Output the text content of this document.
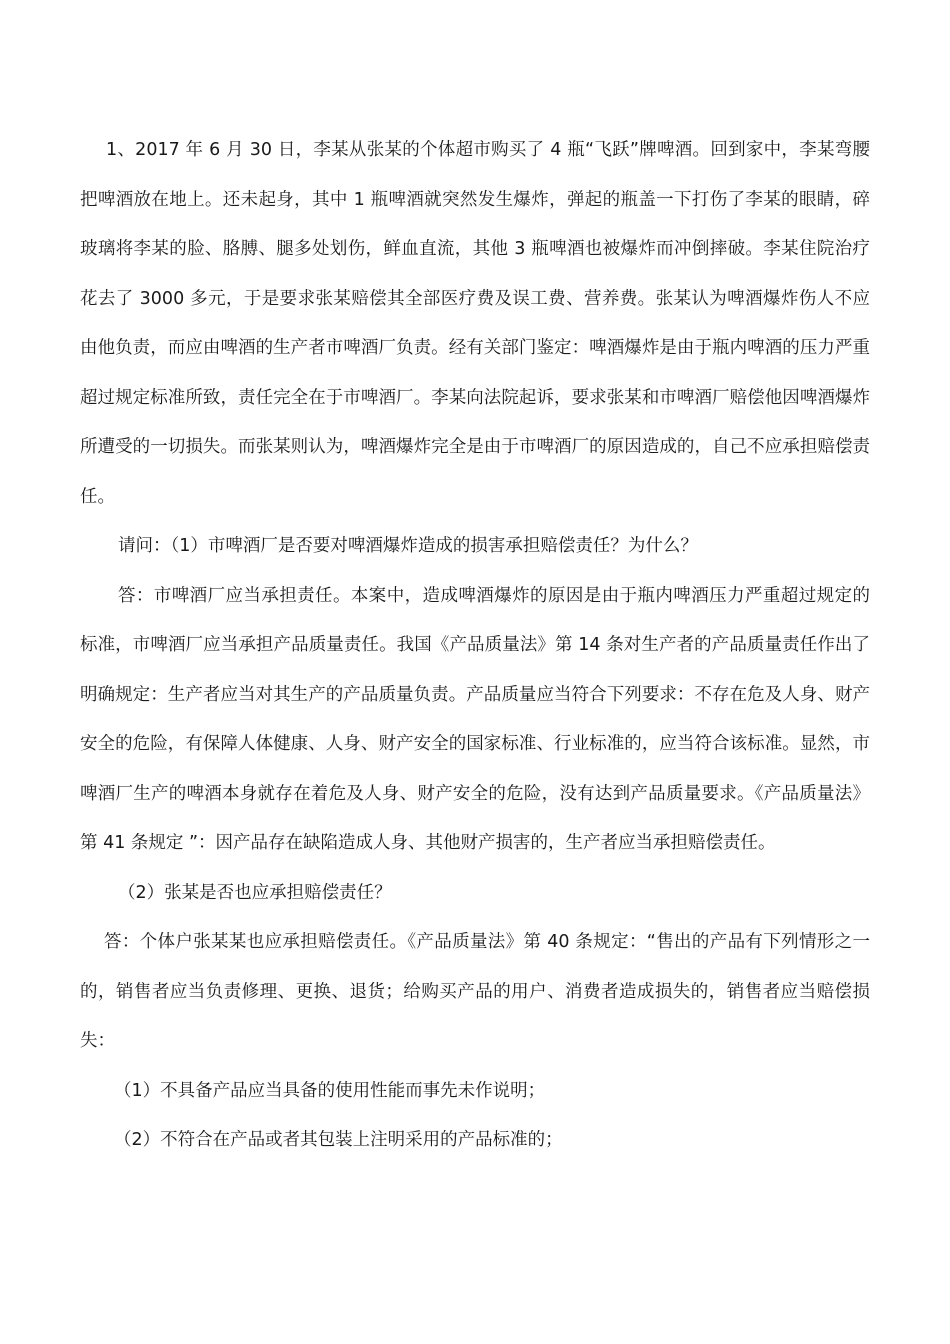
1、2017 年 6 月 30 日，李某从张某的个体超市购买了 4 瓶“飞跃”牌啤酒。回到家中，李某弯腰把啤酒放在地上。还未起身，其中 1 瓶啤酒就突然发生爆炸，弹起的瓶盖一下打伤了李某的眼睛，碎玻璃将李某的脸、胳膊、腿多处划伤，鲜血直流，其他 3 瓶啤酒也被爆炸而冲倒摔破。李某住院治疗花去了 3000 多元，于是要求张某赔偿其全部医疗费及误工费、营养费。张某认为啤酒爆炸伤人不应由他负责，而应由啤酒的生产者市啤酒厂负责。经有关部门鉴定：啤酒爆炸是由于瓶内啤酒的压力严重超过规定标准所致，责任完全在于市啤酒厂。李某向法院起诉，要求张某和市啤酒厂赔偿他因啤酒爆炸所遭受的一切损失。而张某则认为，啤酒爆炸完全是由于市啤酒厂的原因造成的，自己不应承担赔偿责任。

请问：（1）市啤酒厂是否要对啤酒爆炸造成的损害承担赔偿责任？为什么？

答：市啤酒厂应当承担责任。本案中，造成啤酒爆炸的原因是由于瓶内啤酒压力严重超过规定的标准，市啤酒厂应当承担产品质量责任。我国《产品质量法》第 14 条对生产者的产品质量责任作出了明确规定：生产者应当对其生产的产品质量负责。产品质量应当符合下列要求：不存在危及人身、财产安全的危险，有保障人体健康、人身、财产安全的国家标准、行业标准的，应当符合该标准。显然，市啤酒厂生产的啤酒本身就存在着危及人身、财产安全的危险，没有达到产品质量要求。《产品质量法》第 41 条规定 ”：因产品存在缺陷造成人身、其他财产损害的，生产者应当承担赔偿责任。

（2）张某是否也应承担赔偿责任？

答：个体户张某某也应承担赔偿责任。《产品质量法》第 40 条规定：“售出的产品有下列情形之一的，销售者应当负责修理、更换、退货；给购买产品的用户、消费者造成损失的，销售者应当赔偿损失：

（1）不具备产品应当具备的使用性能而事先未作说明；

（2）不符合在产品或者其包装上注明采用的产品标准的；
